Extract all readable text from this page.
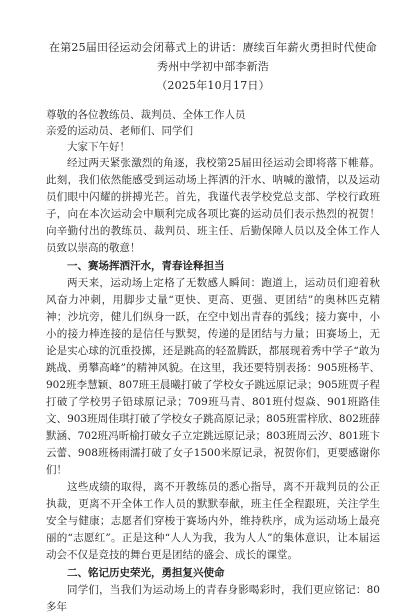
在第25届田径运动会闭幕式上的讲话：赓续百年薪火勇担时代使命
秀州中学初中部李新浩
（2025年10月17日）
尊敬的各位教练员、裁判员、全体工作人员
亲爱的运动员、老师们、同学们
大家下午好！

经过两天紧张激烈的角逐，我校第25届田径运动会即将落下帷幕。此刻，我们依然能感受到运动场上挥洒的汗水、呐喊的激情，以及运动员们眼中闪耀的拼搏光芒。首先，我谨代表学校党总支部、学校行政班子，向在本次运动会中顺利完成各项比赛的运动员们表示热烈的祝贺！向辛勤付出的教练员、裁判员、班主任、后勤保障人员以及全体工作人员致以崇高的敬意！

一、赛场挥洒汗水，青春诠释担当

两天来，运动场上定格了无数感人瞬间：跑道上，运动员们迎着秋风奋力冲刺，用脚步丈量“更快、更高、更强、更团结”的奥林匹克精神；沙坑旁，健儿们纵身一跃，在空中划出青春的弧线；接力赛中，小小的接力棒连接的是信任与默契，传递的是团结与力量；田赛场上，无论是实心球的沉重投掷，还是跳高的轻盈腾跃，都展现着秀中学子“敢为跳战、勇攀高峰”的精神风貌。在这里，我还要特别表扬：905班杨芊、902班李慧颖、807班王晨曦打破了学校女子跳远原记录；905班贾子程打破了学校男子铅球原记录；709班马青、801班付煜焱、901班路佳文、903班周佳琪打破了学校女子跳高原记录；805班雷梓欣、802班薛默涵、702班冯昕榆打破女子立定跳远原记录；803班周云汐、801班卞云蕾、908班杨雨濡打破了女子1500米原记录，祝贺你们，更要感谢你们！

这些成绩的取得，离不开教练员的悉心指导，离不开裁判员的公正执裁，更离不开全体工作人员的默默奉献，班主任全程跟班，关注学生安全与健康；志愿者们穿梭于赛场内外，维持秩序，成为运动场上最亮丽的“志愿红”。正是这种“人人为我，我为人人”的集体意识，让本届运动会不仅是竞技的舞台更是团结的盛会、成长的课堂。

二、铭记历史荣光，勇担复兴使命

同学们，当我们为运动场上的青春身影喝彩时，我们更应铭记：80多年
